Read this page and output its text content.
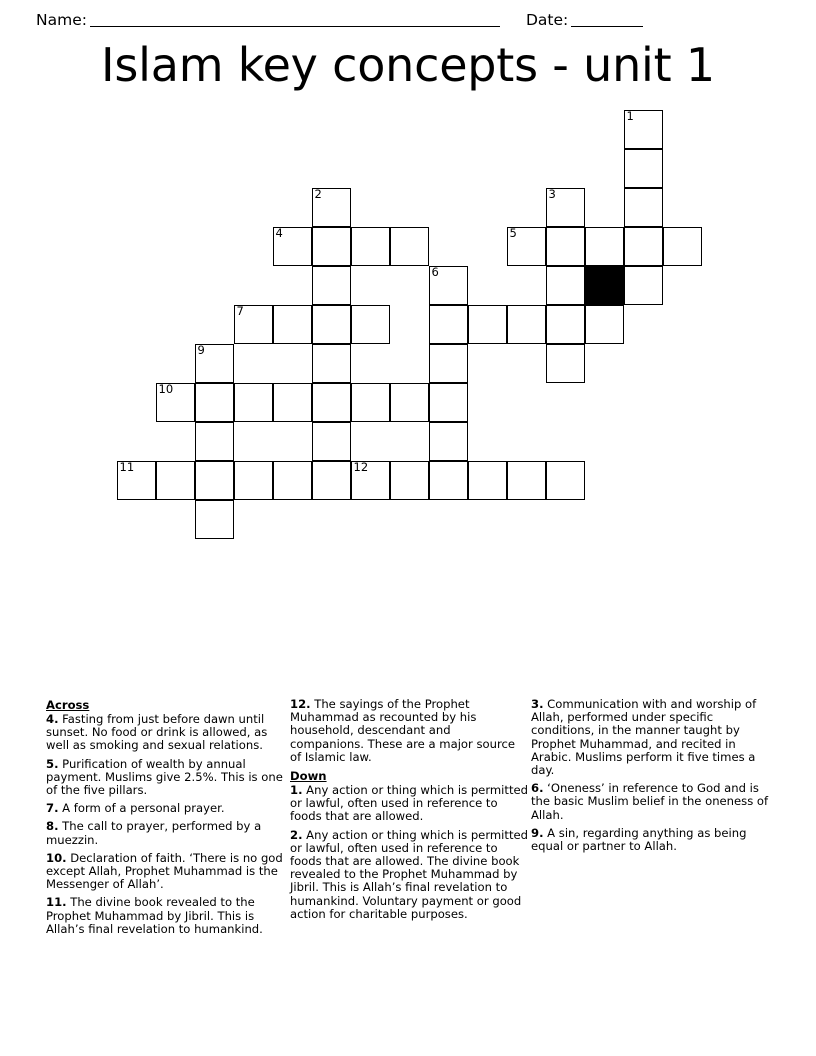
Name:	Date:
Islam key concepts - unit 1
1
2	3
4	5
6
7
9
10
11	12
Across
4. Fasting from just before dawn until sunset. No food or drink is allowed, as well as smoking and sexual relations.
5. Purification of wealth by annual payment. Muslims give 2.5%. This is one of the five pillars.
7. A form of a personal prayer.
8. The call to prayer, performed by a muezzin.
10. Declaration of faith. ‘There is no god except Allah, Prophet Muhammad is the Messenger of Allah’.
11. The divine book revealed to the Prophet Muhammad by Jibril. This is Allah’s final revelation to humankind.
12. The sayings of the Prophet Muhammad as recounted by his household, descendant and companions. These are a major source of Islamic law.
Down
1. Any action or thing which is permitted or lawful, often used in reference to foods that are allowed.
2. Any action or thing which is permitted or lawful, often used in reference to foods that are allowed. The divine book revealed to the Prophet Muhammad by Jibril. This is Allah’s final revelation to humankind. Voluntary payment or good action for charitable purposes.
3. Communication with and worship of Allah, performed under specific conditions, in the manner taught by Prophet Muhammad, and recited in Arabic. Muslims perform it five times a day.
6. ‘Oneness’ in reference to God and is the basic Muslim belief in the oneness of Allah.
9. A sin, regarding anything as being equal or partner to Allah.
